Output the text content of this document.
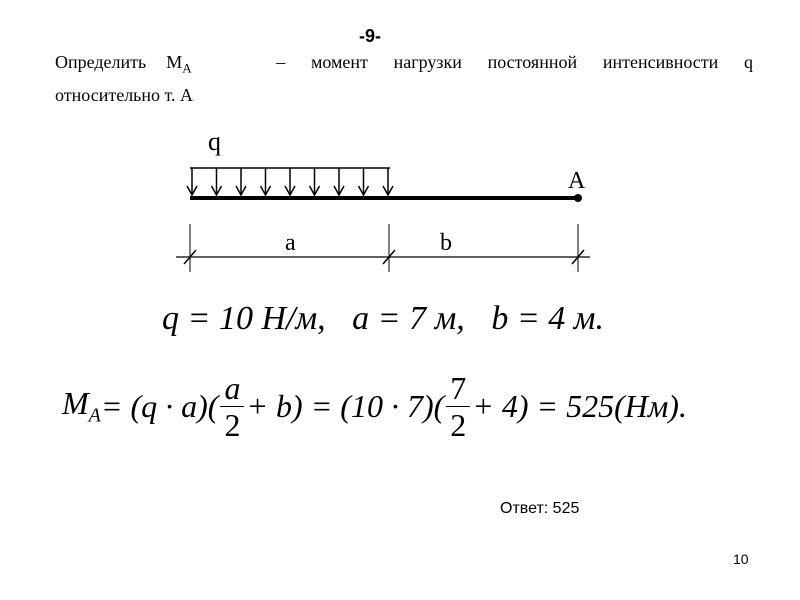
-9-
Определить	$M_A$	– момент нагрузки постоянной интенсивности q
относительно т. А
q
A
a	b
q = 10 Н/м, a = 7 м, b = 4 м.
$M_A = (q \cdot a)( \frac{a}{2} + b) = (10 \cdot 7)( \frac{7}{2} + 4) = 525(Нм)$.
Ответ: 525
10
